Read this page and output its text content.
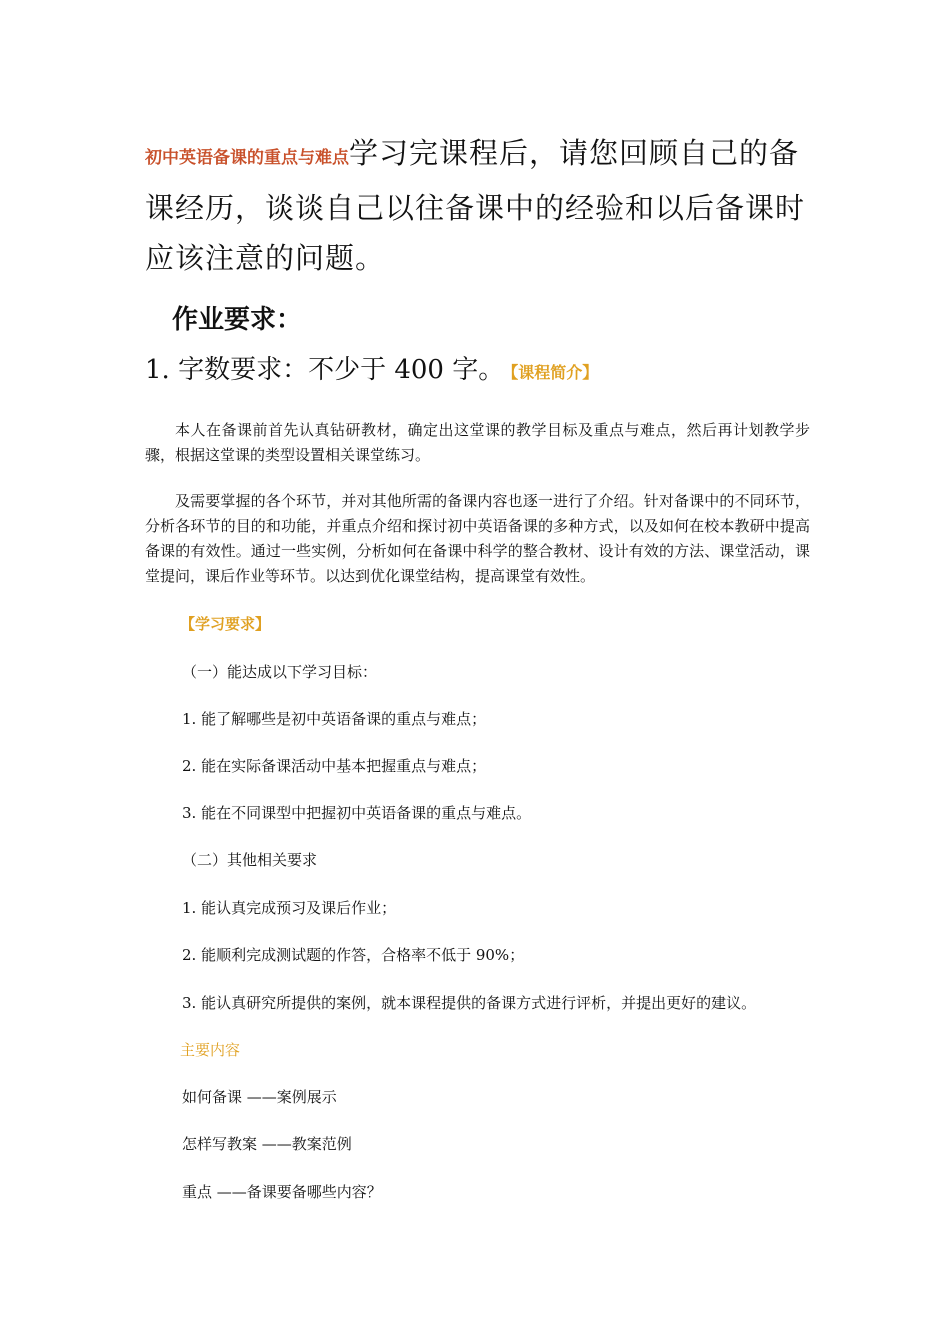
初中英语备课的重点与难点学习完课程后，请您回顾自己的备课经历，谈谈自己以往备课中的经验和以后备课时应该注意的问题。
作业要求：
1. 字数要求：不少于 400 字。 【课程简介】
本人在备课前首先认真钻研教材，确定出这堂课的教学目标及重点与难点，然后再计划教学步骤，根据这堂课的类型设置相关课堂练习。
及需要掌握的各个环节，并对其他所需的备课内容也逐一进行了介绍。针对备课中的不同环节，分析各环节的目的和功能，并重点介绍和探讨初中英语备课的多种方式，以及如何在校本教研中提高备课的有效性。通过一些实例，分析如何在备课中科学的整合教材、设计有效的方法、课堂活动，课堂提问，课后作业等环节。以达到优化课堂结构，提高课堂有效性。
【学习要求】
（一）能达成以下学习目标：
1. 能了解哪些是初中英语备课的重点与难点；
2. 能在实际备课活动中基本把握重点与难点；
3. 能在不同课型中把握初中英语备课的重点与难点。
（二）其他相关要求
1. 能认真完成预习及课后作业；
2. 能顺利完成测试题的作答，合格率不低于 90%；
3. 能认真研究所提供的案例，就本课程提供的备课方式进行评析，并提出更好的建议。
主要内容
如何备课 ——案例展示
怎样写教案 ——教案范例
重点 ——备课要备哪些内容？
